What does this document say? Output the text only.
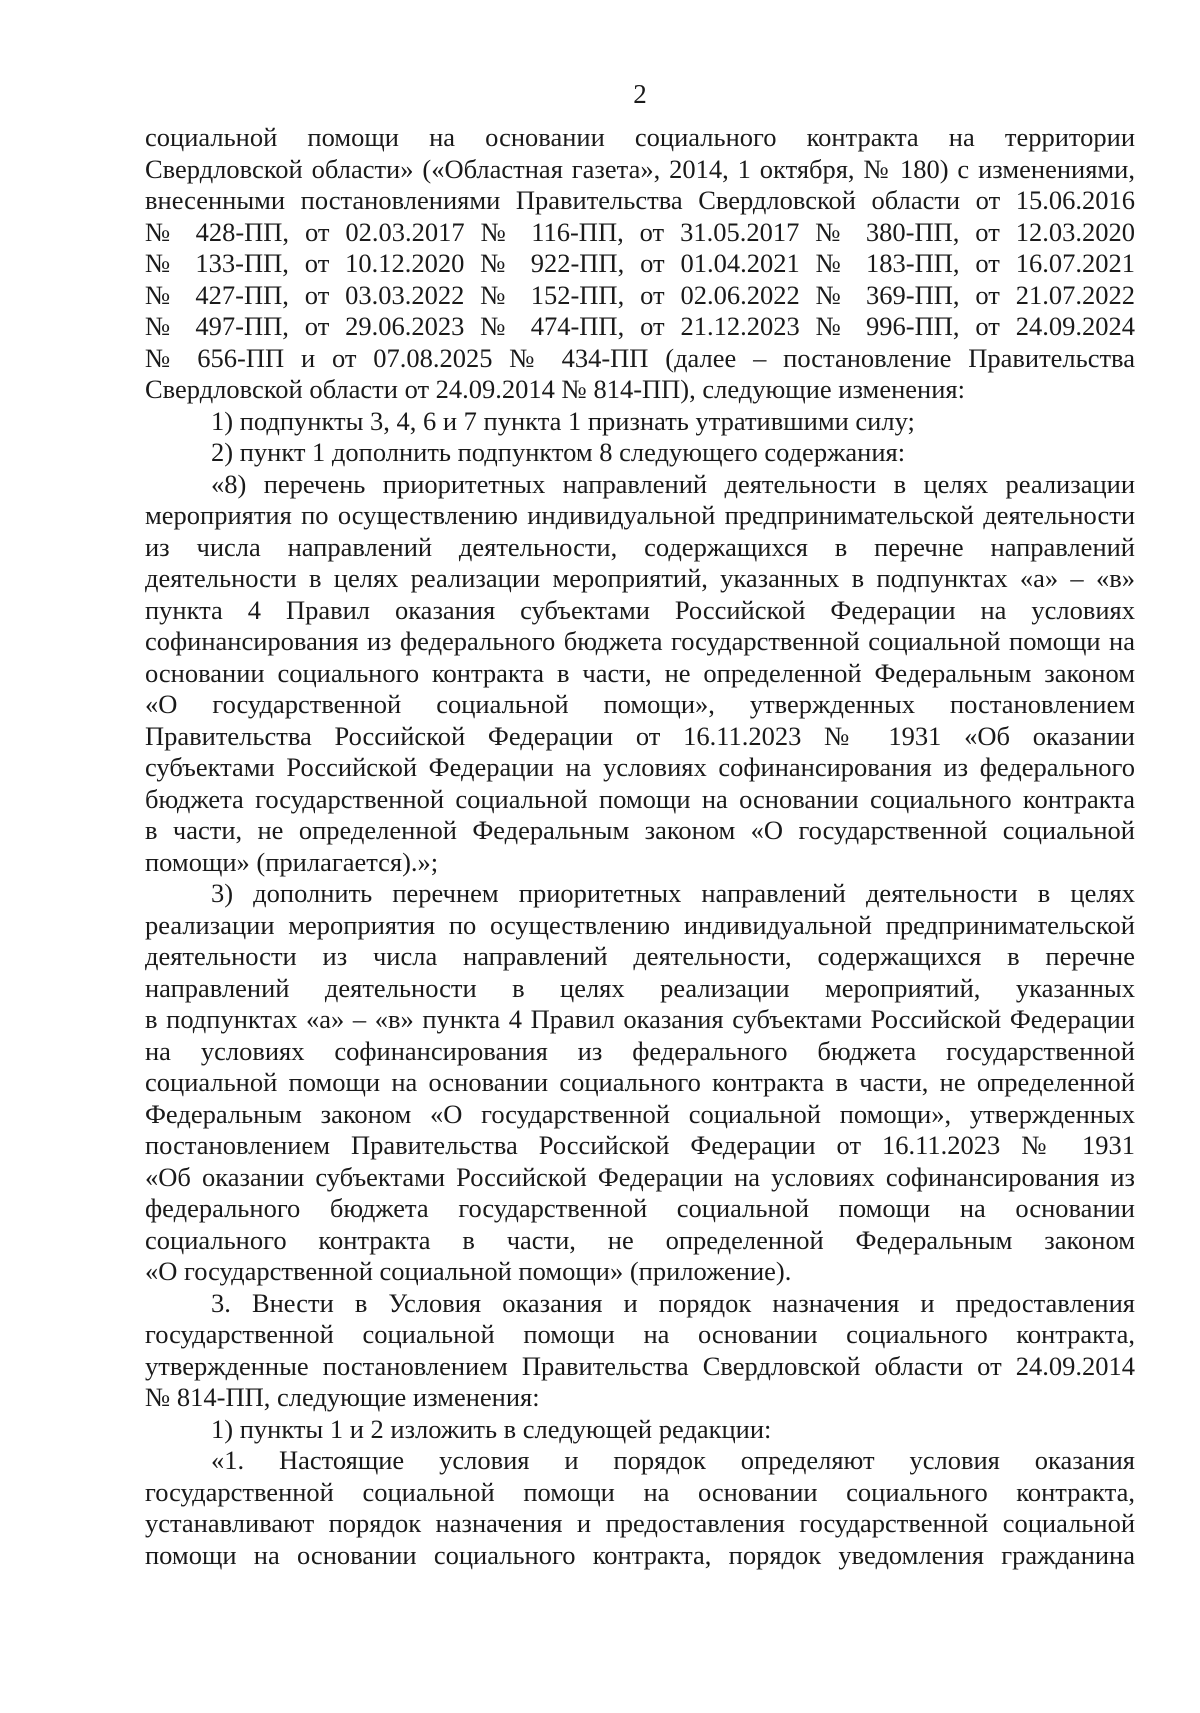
2
социальной помощи на основании социального контракта на территории
Свердловской области» («Областная газета», 2014, 1 октября, № 180) с изменениями,
внесенными постановлениями Правительства Свердловской области от 15.06.2016
№ 428-ПП, от 02.03.2017 № 116-ПП, от 31.05.2017 № 380-ПП, от 12.03.2020
№ 133-ПП, от 10.12.2020 № 922-ПП, от 01.04.2021 № 183-ПП, от 16.07.2021
№ 427-ПП, от 03.03.2022 № 152-ПП, от 02.06.2022 № 369-ПП, от 21.07.2022
№ 497-ПП, от 29.06.2023 № 474-ПП, от 21.12.2023 № 996-ПП, от 24.09.2024
№ 656-ПП и от 07.08.2025 № 434-ПП (далее – постановление Правительства
Свердловской области от 24.09.2014 № 814-ПП), следующие изменения:
1) подпункты 3, 4, 6 и 7 пункта 1 признать утратившими силу;
2) пункт 1 дополнить подпунктом 8 следующего содержания:
«8) перечень приоритетных направлений деятельности в целях реализации
мероприятия по осуществлению индивидуальной предпринимательской деятельности
из числа направлений деятельности, содержащихся в перечне направлений
деятельности в целях реализации мероприятий, указанных в подпунктах «а» – «в»
пункта 4 Правил оказания субъектами Российской Федерации на условиях
софинансирования из федерального бюджета государственной социальной помощи на
основании социального контракта в части, не определенной Федеральным законом
«О государственной социальной помощи», утвержденных постановлением
Правительства Российской Федерации от 16.11.2023 № 1931 «Об оказании
субъектами Российской Федерации на условиях софинансирования из федерального
бюджета государственной социальной помощи на основании социального контракта
в части, не определенной Федеральным законом «О государственной социальной
помощи» (прилагается).»;
3) дополнить перечнем приоритетных направлений деятельности в целях
реализации мероприятия по осуществлению индивидуальной предпринимательской
деятельности из числа направлений деятельности, содержащихся в перечне
направлений деятельности в целях реализации мероприятий, указанных
в подпунктах «а» – «в» пункта 4 Правил оказания субъектами Российской Федерации
на условиях софинансирования из федерального бюджета государственной
социальной помощи на основании социального контракта в части, не определенной
Федеральным законом «О государственной социальной помощи», утвержденных
постановлением Правительства Российской Федерации от 16.11.2023 № 1931
«Об оказании субъектами Российской Федерации на условиях софинансирования из
федерального бюджета государственной социальной помощи на основании
социального контракта в части, не определенной Федеральным законом
«О государственной социальной помощи» (приложение).
3. Внести в Условия оказания и порядок назначения и предоставления
государственной социальной помощи на основании социального контракта,
утвержденные постановлением Правительства Свердловской области от 24.09.2014
№ 814-ПП, следующие изменения:
1) пункты 1 и 2 изложить в следующей редакции:
«1. Настоящие условия и порядок определяют условия оказания
государственной социальной помощи на основании социального контракта,
устанавливают порядок назначения и предоставления государственной социальной
помощи на основании социального контракта, порядок уведомления гражданина
